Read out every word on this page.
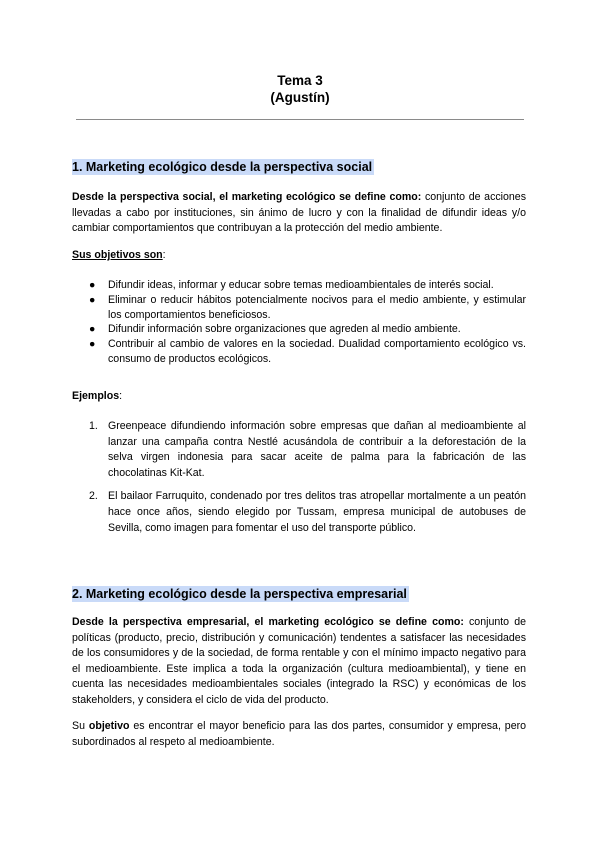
Tema 3
(Agustín)
1. Marketing ecológico desde la perspectiva social
Desde la perspectiva social, el marketing ecológico se define como: conjunto de acciones llevadas a cabo por instituciones, sin ánimo de lucro y con la finalidad de difundir ideas y/o cambiar comportamientos que contribuyan a la protección del medio ambiente.
Sus objetivos son:
● Difundir ideas, informar y educar sobre temas medioambientales de interés social.
● Eliminar o reducir hábitos potencialmente nocivos para el medio ambiente, y estimular los comportamientos beneficiosos.
● Difundir información sobre organizaciones que agreden al medio ambiente.
● Contribuir al cambio de valores en la sociedad. Dualidad comportamiento ecológico vs. consumo de productos ecológicos.
Ejemplos:
1. Greenpeace difundiendo información sobre empresas que dañan al medioambiente al lanzar una campaña contra Nestlé acusándola de contribuir a la deforestación de la selva virgen indonesia para sacar aceite de palma para la fabricación de las chocolatinas Kit-Kat.
2. El bailaor Farruquito, condenado por tres delitos tras atropellar mortalmente a un peatón hace once años, siendo elegido por Tussam, empresa municipal de autobuses de Sevilla, como imagen para fomentar el uso del transporte público.
2. Marketing ecológico desde la perspectiva empresarial
Desde la perspectiva empresarial, el marketing ecológico se define como: conjunto de políticas (producto, precio, distribución y comunicación) tendentes a satisfacer las necesidades de los consumidores y de la sociedad, de forma rentable y con el mínimo impacto negativo para el medioambiente. Este implica a toda la organización (cultura medioambiental), y tiene en cuenta las necesidades medioambientales sociales (integrado la RSC) y económicas de los stakeholders, y considera el ciclo de vida del producto.
Su objetivo es encontrar el mayor beneficio para las dos partes, consumidor y empresa, pero subordinados al respeto al medioambiente.
